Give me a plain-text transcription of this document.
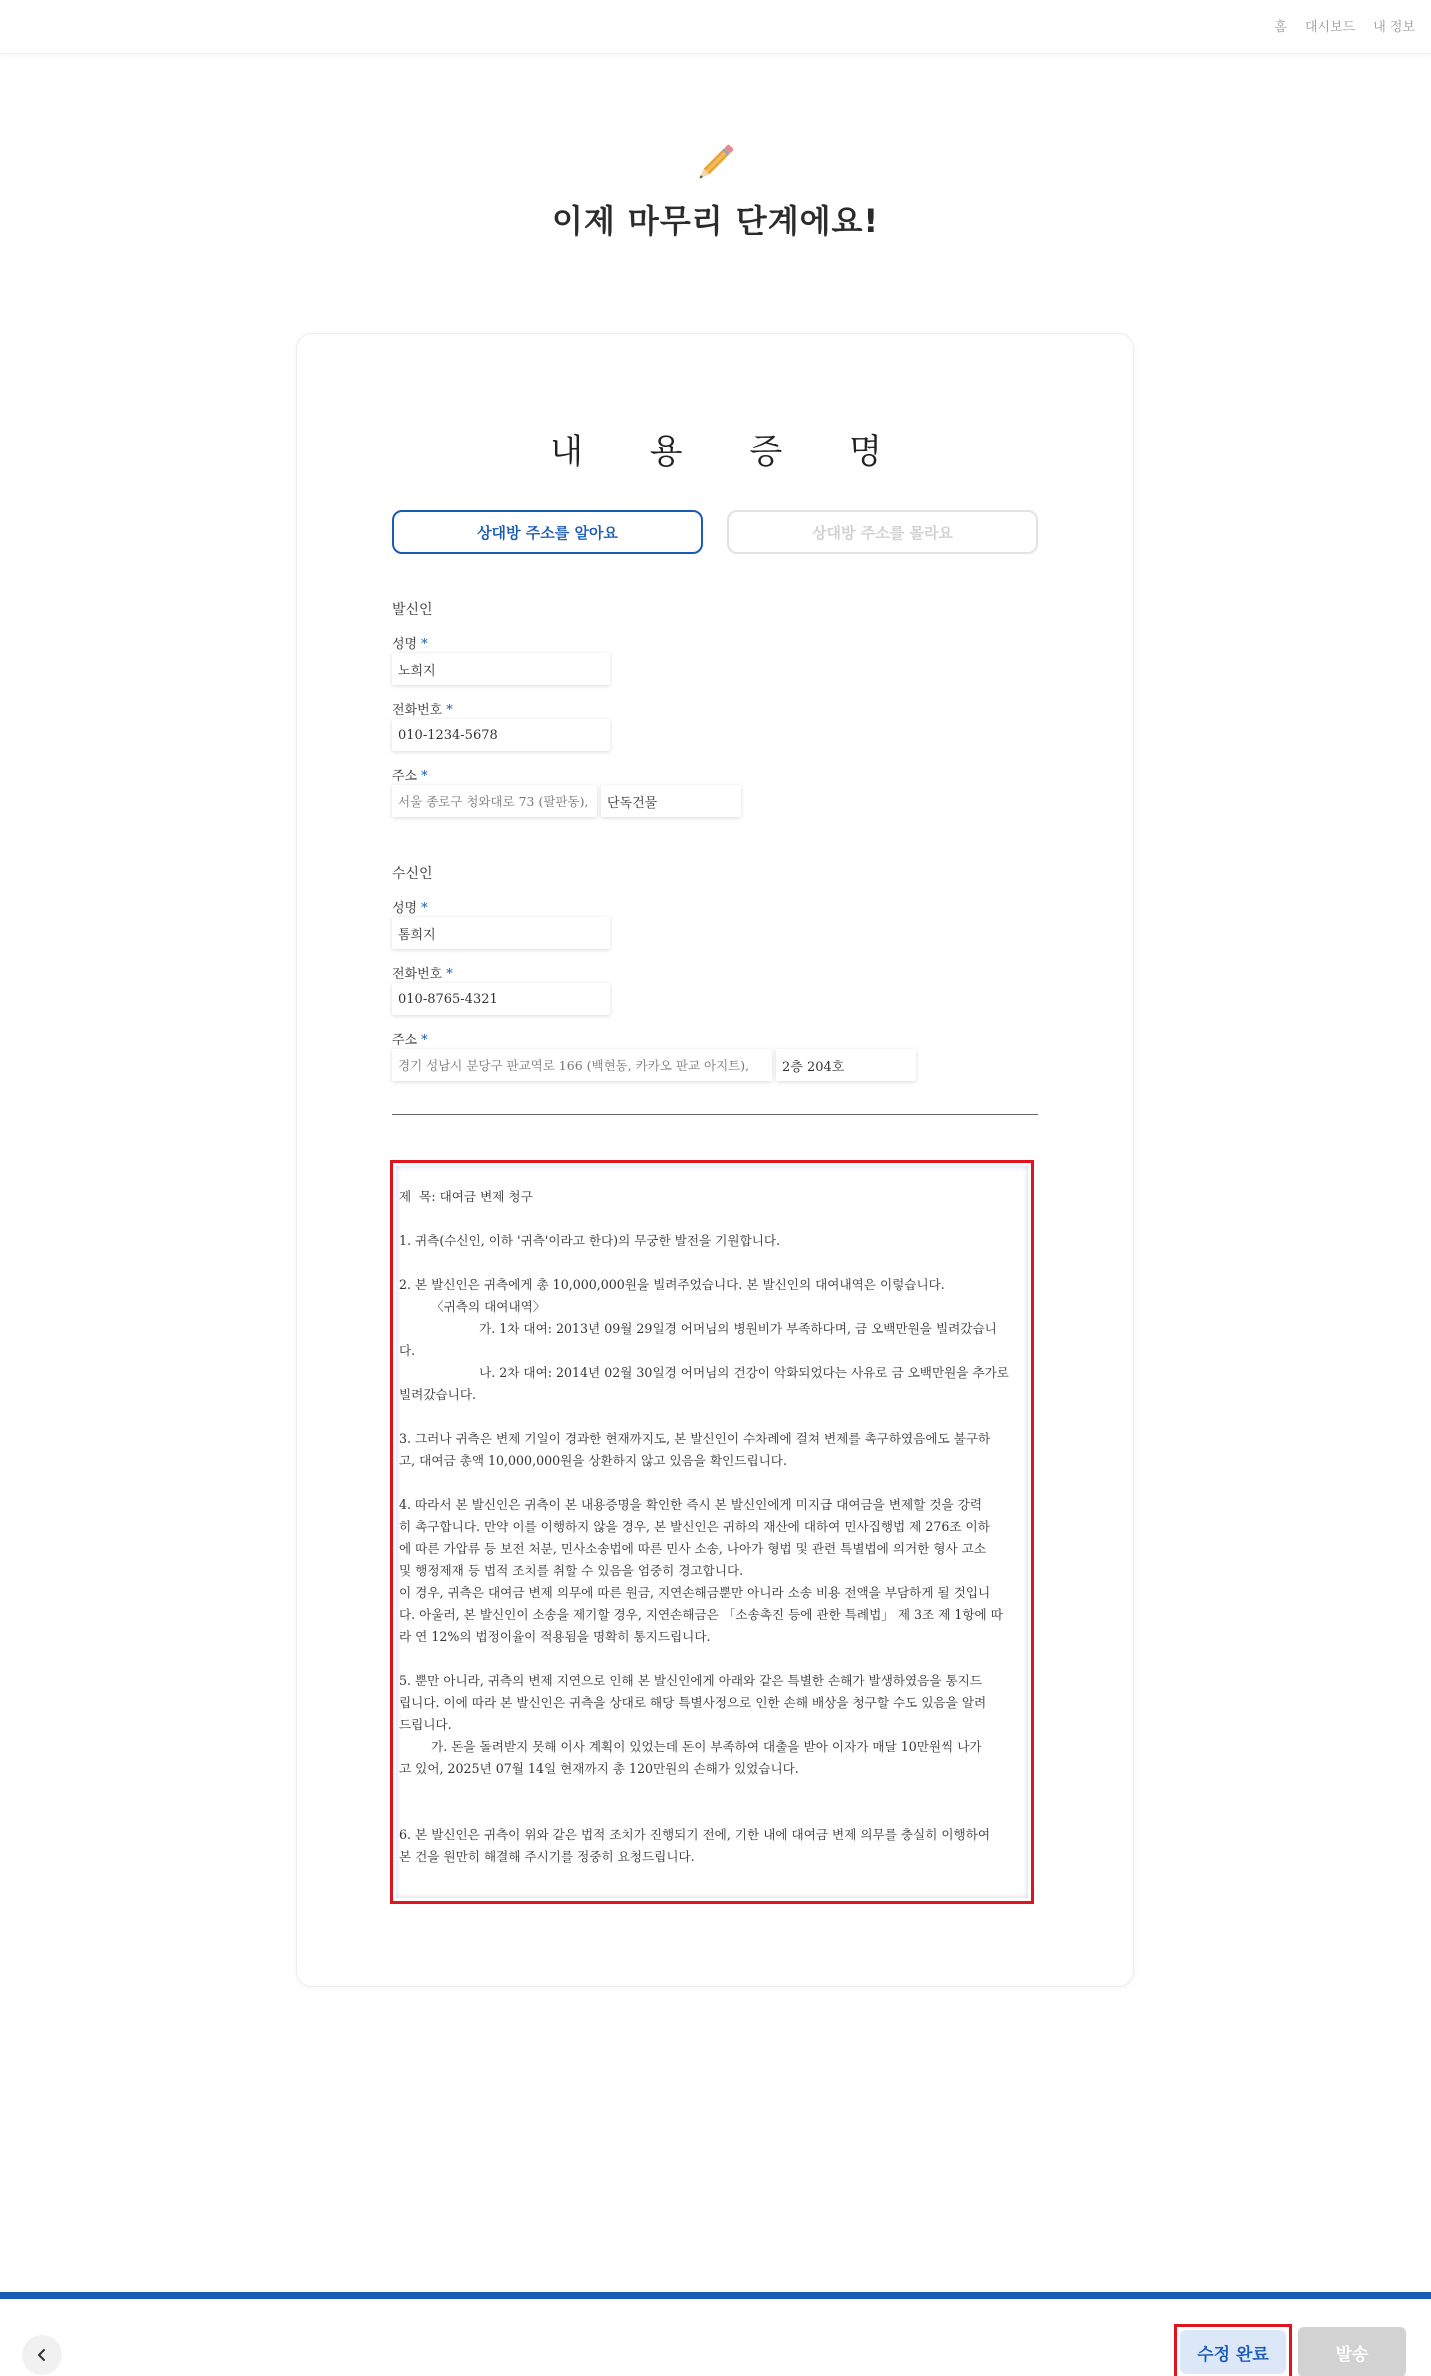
홈 대시보드 내 정보
이제 마무리 단계에요!
내 용 증 명
상대방 주소를 알아요	상대방 주소를 몰라요
발신인
성명 *
노희지
전화번호 *
010-1234-5678
주소 *
서울 종로구 청와대로 73 (팔판동),	단독건물
수신인
성명 *
톰희지
전화번호 *
010-8765-4321
주소 *
경기 성남시 분당구 판교역로 166 (백현동, 카카오 판교 아지트),	2층 204호
제  목: 대여금 변제 청구

1. 귀측(수신인, 이하 '귀측'이라고 한다)의 무궁한 발전을 기원합니다.

2. 본 발신인은 귀측에게 총 10,000,000원을 빌려주었습니다. 본 발신인의 대여내역은 이렇습니다.
〈귀측의 대여내역〉
가. 1차 대여: 2013년 09월 29일경 어머님의 병원비가 부족하다며, 금 오백만원을 빌려갔습니
다.
나. 2차 대여: 2014년 02월 30일경 어머님의 건강이 악화되었다는 사유로 금 오백만원을 추가로
빌려갔습니다.

3. 그러나 귀측은 변제 기일이 경과한 현재까지도, 본 발신인이 수차례에 걸쳐 변제를 촉구하였음에도 불구하
고, 대여금 총액 10,000,000원을 상환하지 않고 있음을 확인드립니다.

4. 따라서 본 발신인은 귀측이 본 내용증명을 확인한 즉시 본 발신인에게 미지급 대여금을 변제할 것을 강력
히 촉구합니다. 만약 이를 이행하지 않을 경우, 본 발신인은 귀하의 재산에 대하여 민사집행법 제 276조 이하
에 따른 가압류 등 보전 처분, 민사소송법에 따른 민사 소송, 나아가 형법 및 관련 특별법에 의거한 형사 고소
및 행정제재 등 법적 조치를 취할 수 있음을 엄중히 경고합니다.
이 경우, 귀측은 대여금 변제 의무에 따른 원금, 지연손해금뿐만 아니라 소송 비용 전액을 부담하게 될 것입니
다. 아울러, 본 발신인이 소송을 제기할 경우, 지연손해금은 「소송촉진 등에 관한 특례법」 제 3조 제 1항에 따
라 연 12%의 법정이율이 적용됨을 명확히 통지드립니다.

5. 뿐만 아니라, 귀측의 변제 지연으로 인해 본 발신인에게 아래와 같은 특별한 손해가 발생하였음을 통지드
립니다. 이에 따라 본 발신인은 귀측을 상대로 해당 특별사정으로 인한 손해 배상을 청구할 수도 있음을 알려
드립니다.
가. 돈을 돌려받지 못해 이사 계획이 있었는데 돈이 부족하여 대출을 받아 이자가 매달 10만원씩 나가
고 있어, 2025년 07월 14일 현재까지 총 120만원의 손해가 있었습니다.

6. 본 발신인은 귀측이 위와 같은 법적 조치가 진행되기 전에, 기한 내에 대여금 변제 의무를 충실히 이행하여
본 건을 원만히 해결해 주시기를 정중히 요청드립니다.
수정 완료	발송
